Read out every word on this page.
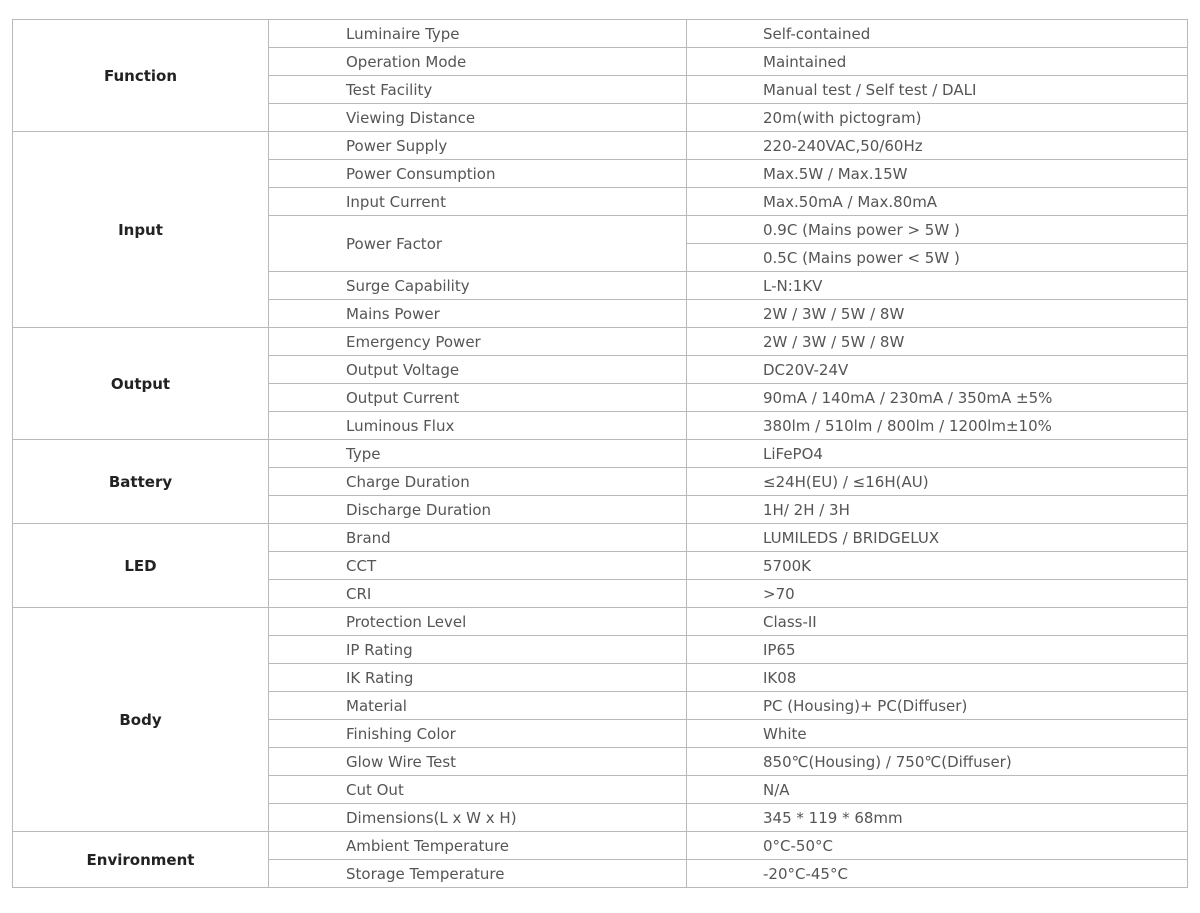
Function	Luminaire Type	Self-contained
	Operation Mode	Maintained
	Test Facility	Manual test / Self test / DALI
	Viewing Distance	20m(with pictogram)
Input	Power Supply	220-240VAC,50/60Hz
	Power Consumption	Max.5W / Max.15W
	Input Current	Max.50mA / Max.80mA
	Power Factor	0.9C (Mains power > 5W )
		0.5C (Mains power < 5W )
	Surge Capability	L-N:1KV
	Mains Power	2W / 3W / 5W / 8W
Output	Emergency Power	2W / 3W / 5W / 8W
	Output Voltage	DC20V-24V
	Output Current	90mA / 140mA / 230mA / 350mA ±5%
	Luminous Flux	380lm / 510lm / 800lm / 1200lm±10%
Battery	Type	LiFePO4
	Charge Duration	≤24H(EU) / ≤16H(AU)
	Discharge Duration	1H/ 2H / 3H
LED	Brand	LUMILEDS / BRIDGELUX
	CCT	5700K
	CRI	>70
Body	Protection Level	Class-II
	IP Rating	IP65
	IK Rating	IK08
	Material	PC (Housing)+ PC(Diffuser)
	Finishing Color	White
	Glow Wire Test	850℃(Housing) / 750℃(Diffuser)
	Cut Out	N/A
	Dimensions(L x W x H)	345 * 119 * 68mm
Environment	Ambient Temperature	0°C-50°C
	Storage Temperature	-20°C-45°C
